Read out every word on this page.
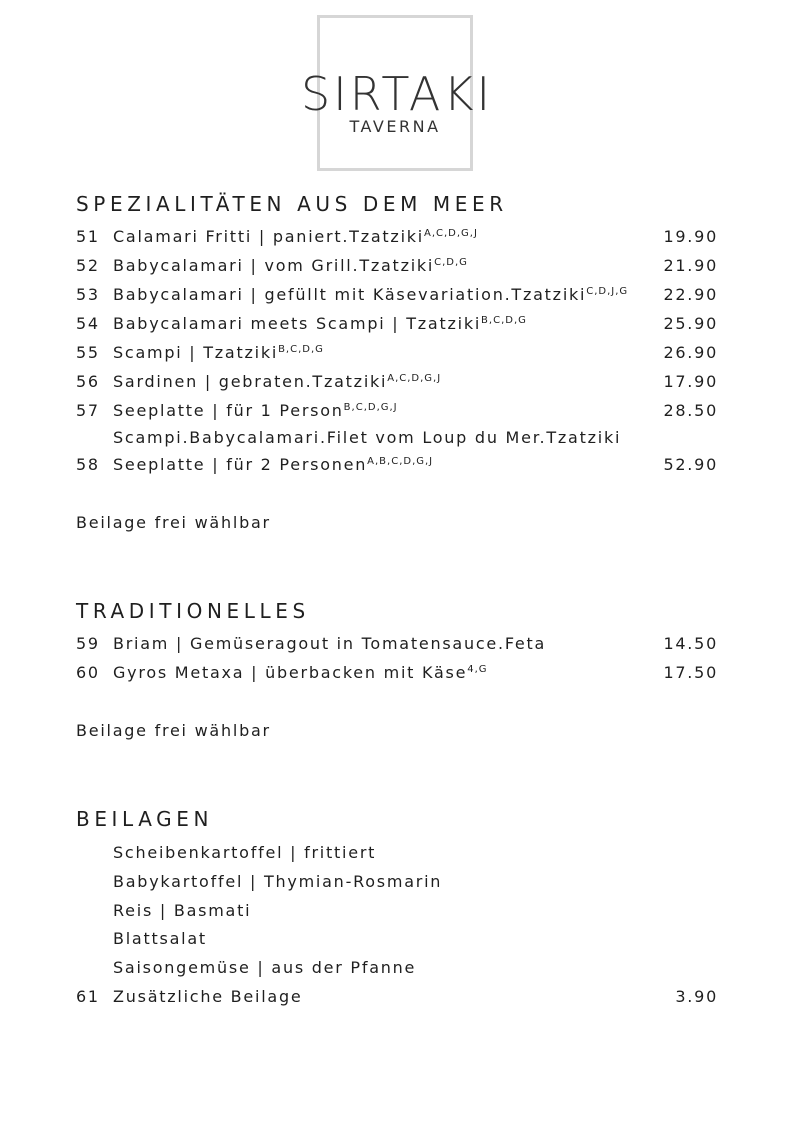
SIRTAKI
TAVERNA
SPEZIALITÄTEN AUS DEM MEER
51 Calamari Fritti | paniert.Tzatziki$^{A,C,D,G,J}$	19.90
52 Babycalamari | vom Grill.Tzatziki$^{C,D,G}$	21.90
53 Babycalamari | gefüllt mit Käsevariation.Tzatziki$^{C,D,J,G}$ 22.90
54 Babycalamari meets Scampi | Tzatziki$^{B,C,D,G}$	25.90
55 Scampi | Tzatziki$^{B,C,D,G}$	26.90
56 Sardinen | gebraten.Tzatziki$^{A,C,D,G,J}$	17.90
57 Seeplatte | für 1 Person$^{B,C,D,G,J}$	28.50
Scampi.Babycalamari.Filet vom Loup du Mer.Tzatziki
58 Seeplatte | für 2 Personen$^{A,B,C,D,G,J}$	52.90
Beilage frei wählbar
TRADITIONELLES
59 Briam | Gemüseragout in Tomatensauce.Feta	14.50
60 Gyros Metaxa | überbacken mit Käse$^{4,G}$	17.50
Beilage frei wählbar
BEILAGEN
Scheibenkartoffel | frittiert
Babykartoffel | Thymian-Rosmarin
Reis | Basmati
Blattsalat
Saisongemüse | aus der Pfanne
61 Zusätzliche Beilage	3.90
